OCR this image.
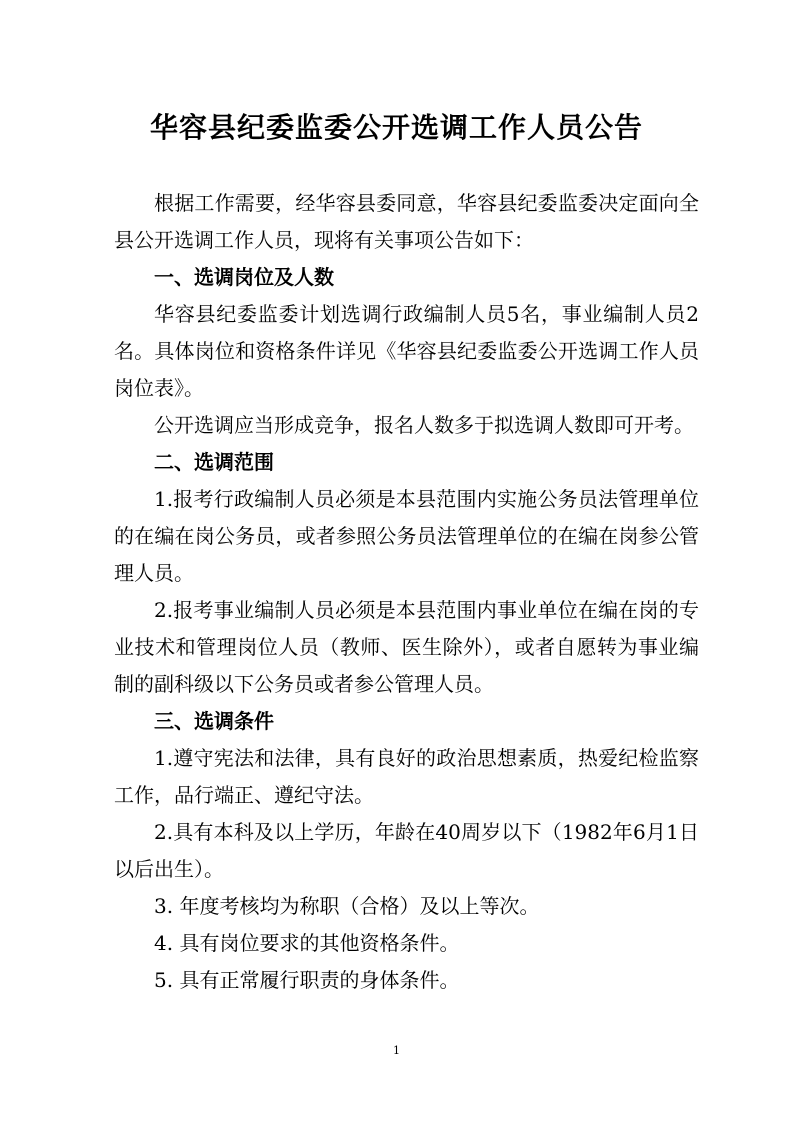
华容县纪委监委公开选调工作人员公告

根据工作需要，经华容县委同意，华容县纪委监委决定面向全县公开选调工作人员，现将有关事项公告如下：

一、选调岗位及人数

华容县纪委监委计划选调行政编制人员5名，事业编制人员2名。具体岗位和资格条件详见《华容县纪委监委公开选调工作人员岗位表》。

公开选调应当形成竞争，报名人数多于拟选调人数即可开考。

二、选调范围

1.报考行政编制人员必须是本县范围内实施公务员法管理单位的在编在岗公务员，或者参照公务员法管理单位的在编在岗参公管理人员。

2.报考事业编制人员必须是本县范围内事业单位在编在岗的专业技术和管理岗位人员（教师、医生除外），或者自愿转为事业编制的副科级以下公务员或者参公管理人员。

三、选调条件

1.遵守宪法和法律，具有良好的政治思想素质，热爱纪检监察工作，品行端正、遵纪守法。

2.具有本科及以上学历，年龄在40周岁以下（1982年6月1日以后出生）。

3. 年度考核均为称职（合格）及以上等次。

4. 具有岗位要求的其他资格条件。

5. 具有正常履行职责的身体条件。

1
